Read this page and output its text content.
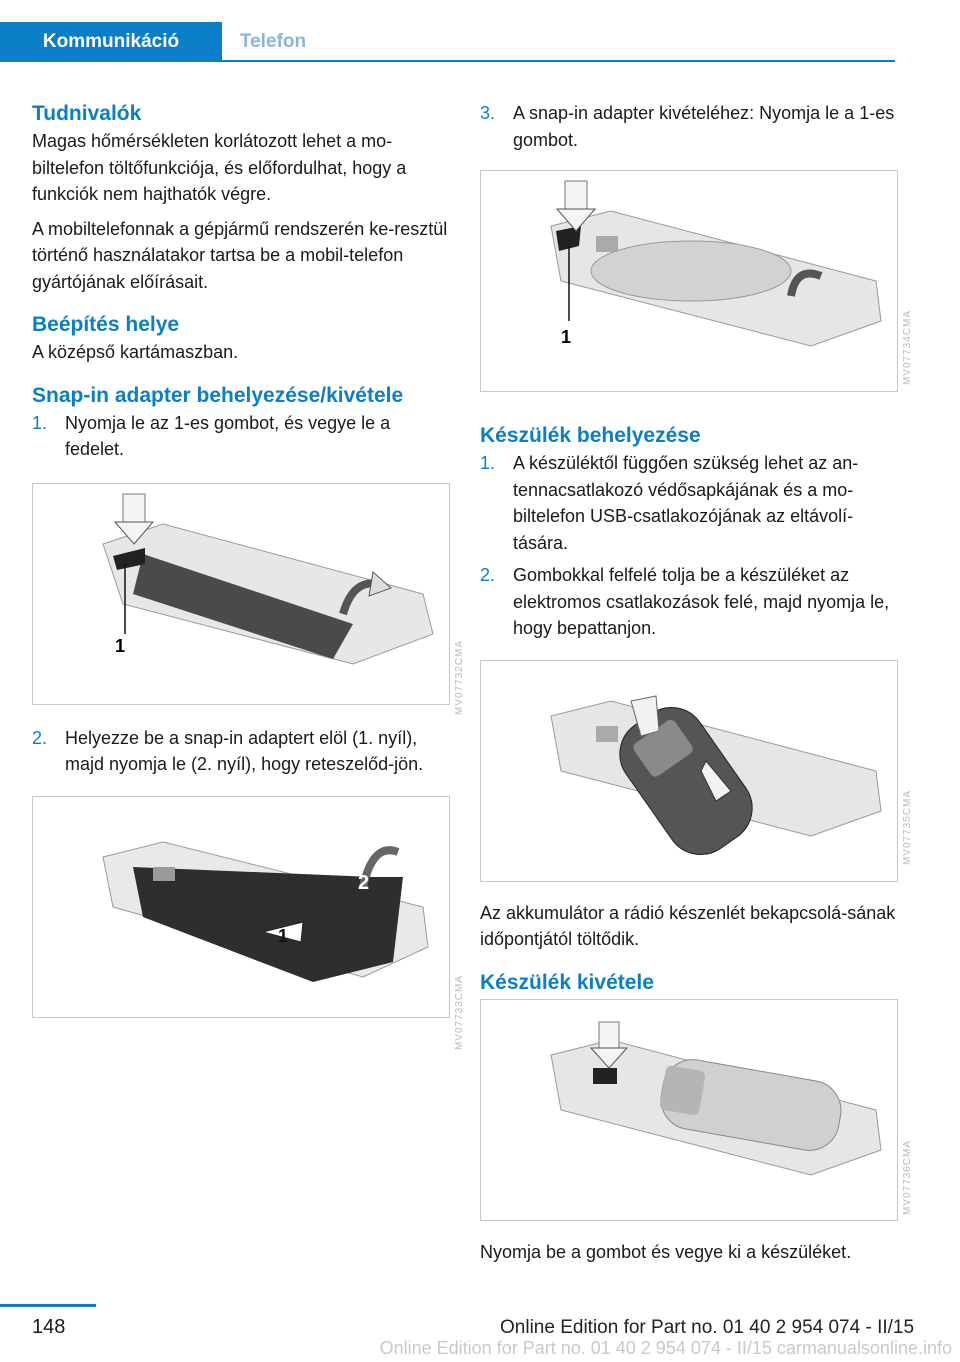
Kommunikáció	Telefon
Tudnivalók

Magas hőmérsékleten korlátozott lehet a mo-biltelefon töltőfunkciója, és előfordulhat, hogy a funkciók nem hajthatók végre.

A mobiltelefonnak a gépjármű rendszerén ke-resztül történő használatakor tartsa be a mobil-telefon gyártójának előírásait.

Beépítés helye

A középső kartámaszban.

Snap-in adapter behelyezése/kivétele
1. Nyomja le az 1-es gombot, és vegye le a fedelet.
1
2. Helyezze be a snap-in adaptert elöl (1. nyíl), majd nyomja le (2. nyíl), hogy reteszelőd-jön.
2
1
MV07732CMA
MV07733CMA
3. A snap-in adapter kivételéhez: Nyomja le a 1-es gombot.
1
Készülék behelyezése
1. A készüléktől függően szükség lehet az an-tennacsatlakozó védősapkájának és a mo-biltelefon USB-csatlakozójának az eltávolí-tására.
2. Gombokkal felfelé tolja be a készüléket az elektromos csatlakozások felé, majd nyomja le, hogy bepattanjon.

Az akkumulátor a rádió készenlét bekapcsolá-sának időpontjától töltődik.

Készülék kivétele

Nyomja be a gombot és vegye ki a készüléket.

MV07734CMA
MV07735CMA
MV07736CMA
148	Online Edition for Part no. 01 40 2 954 074 - II/15
Online Edition for Part no. 01 40 2 954 074 - II/15 carmanualsonline.info
